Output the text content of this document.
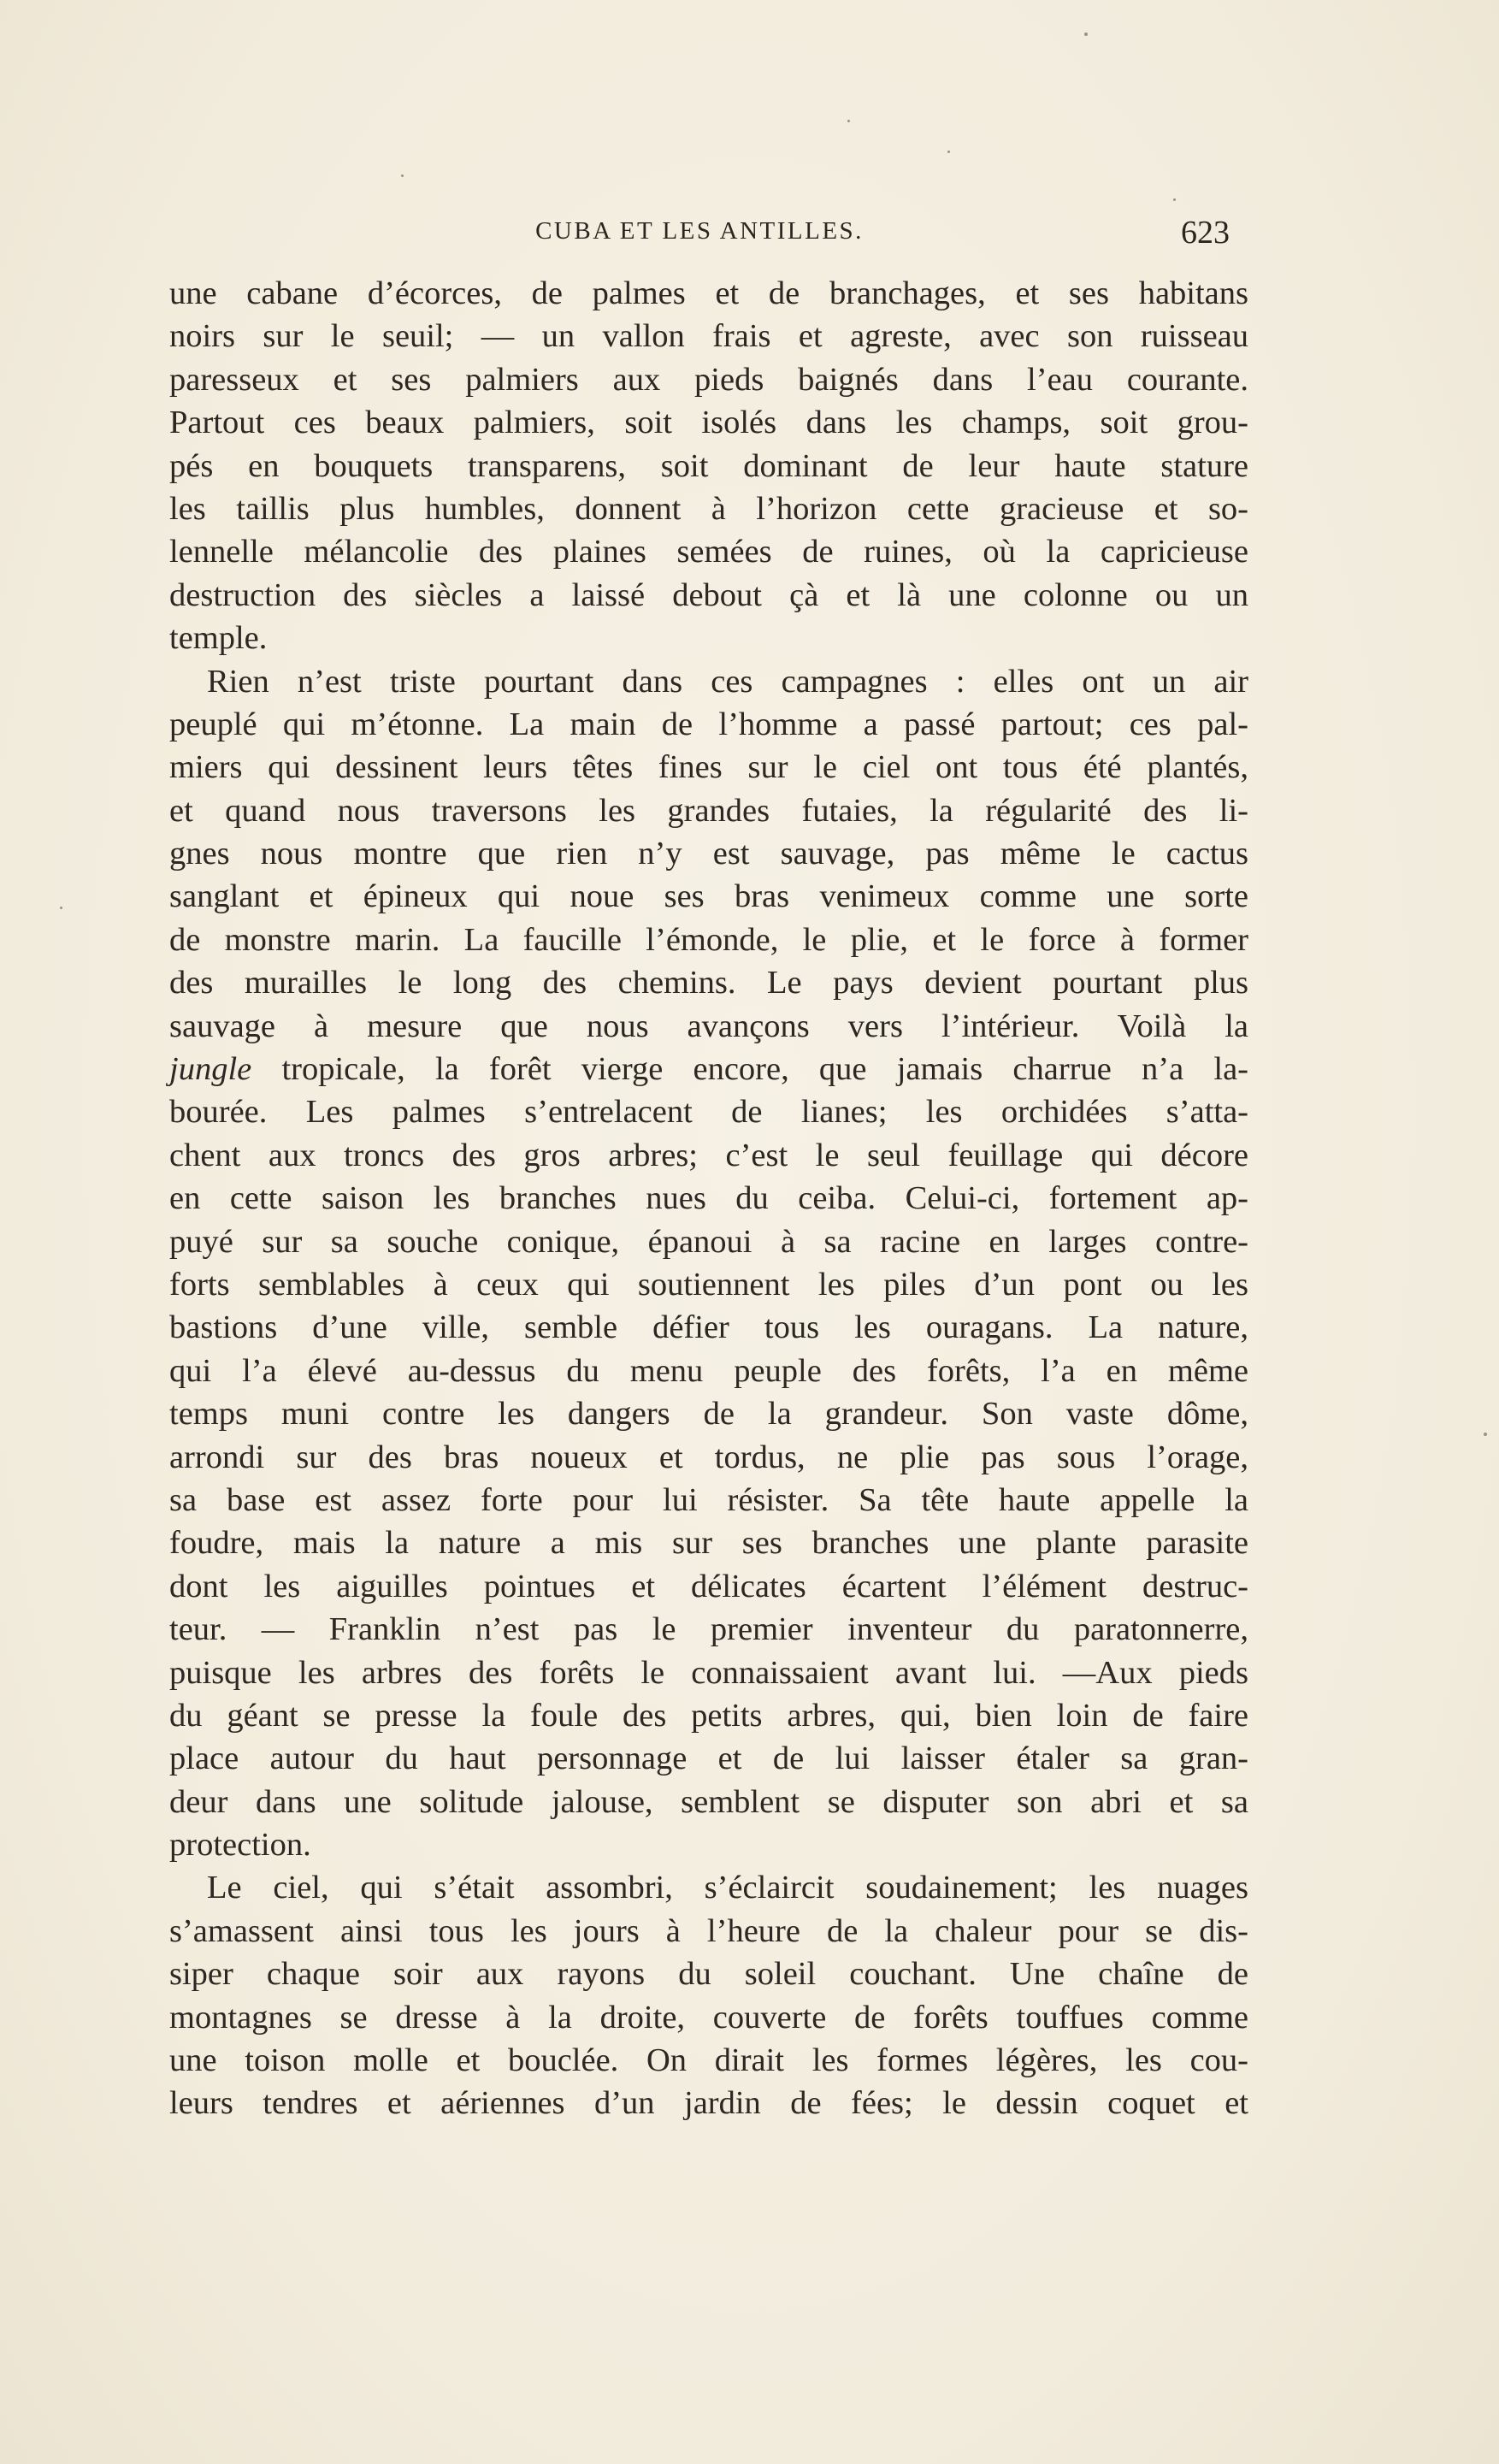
CUBA ET LES ANTILLES.	623
une cabane d’écorces, de palmes et de branchages, et ses habitans
noirs sur le seuil; — un vallon frais et agreste, avec son ruisseau
paresseux et ses palmiers aux pieds baignés dans l’eau courante.
Partout ces beaux palmiers, soit isolés dans les champs, soit grou-
pés en bouquets transparens, soit dominant de leur haute stature
les taillis plus humbles, donnent à l’horizon cette gracieuse et so-
lennelle mélancolie des plaines semées de ruines, où la capricieuse
destruction des siècles a laissé debout çà et là une colonne ou un
temple.
Rien n’est triste pourtant dans ces campagnes : elles ont un air
peuplé qui m’étonne. La main de l’homme a passé partout; ces pal-
miers qui dessinent leurs têtes fines sur le ciel ont tous été plantés,
et quand nous traversons les grandes futaies, la régularité des li-
gnes nous montre que rien n’y est sauvage, pas même le cactus
sanglant et épineux qui noue ses bras venimeux comme une sorte
de monstre marin. La faucille l’émonde, le plie, et le force à former
des murailles le long des chemins. Le pays devient pourtant plus
sauvage à mesure que nous avançons vers l’intérieur. Voilà la
jungle tropicale, la forêt vierge encore, que jamais charrue n’a la-
bourée. Les palmes s’entrelacent de lianes; les orchidées s’atta-
chent aux troncs des gros arbres; c’est le seul feuillage qui décore
en cette saison les branches nues du ceiba. Celui-ci, fortement ap-
puyé sur sa souche conique, épanoui à sa racine en larges contre-
forts semblables à ceux qui soutiennent les piles d’un pont ou les
bastions d’une ville, semble défier tous les ouragans. La nature,
qui l’a élevé au-dessus du menu peuple des forêts, l’a en même
temps muni contre les dangers de la grandeur. Son vaste dôme,
arrondi sur des bras noueux et tordus, ne plie pas sous l’orage,
sa base est assez forte pour lui résister. Sa tête haute appelle la
foudre, mais la nature a mis sur ses branches une plante parasite
dont les aiguilles pointues et délicates écartent l’élément destruc-
teur. — Franklin n’est pas le premier inventeur du paratonnerre,
puisque les arbres des forêts le connaissaient avant lui. —Aux pieds
du géant se presse la foule des petits arbres, qui, bien loin de faire
place autour du haut personnage et de lui laisser étaler sa gran-
deur dans une solitude jalouse, semblent se disputer son abri et sa
protection.
Le ciel, qui s’était assombri, s’éclaircit soudainement; les nuages
s’amassent ainsi tous les jours à l’heure de la chaleur pour se dis-
siper chaque soir aux rayons du soleil couchant. Une chaîne de
montagnes se dresse à la droite, couverte de forêts touffues comme
une toison molle et bouclée. On dirait les formes légères, les cou-
leurs tendres et aériennes d’un jardin de fées; le dessin coquet et
